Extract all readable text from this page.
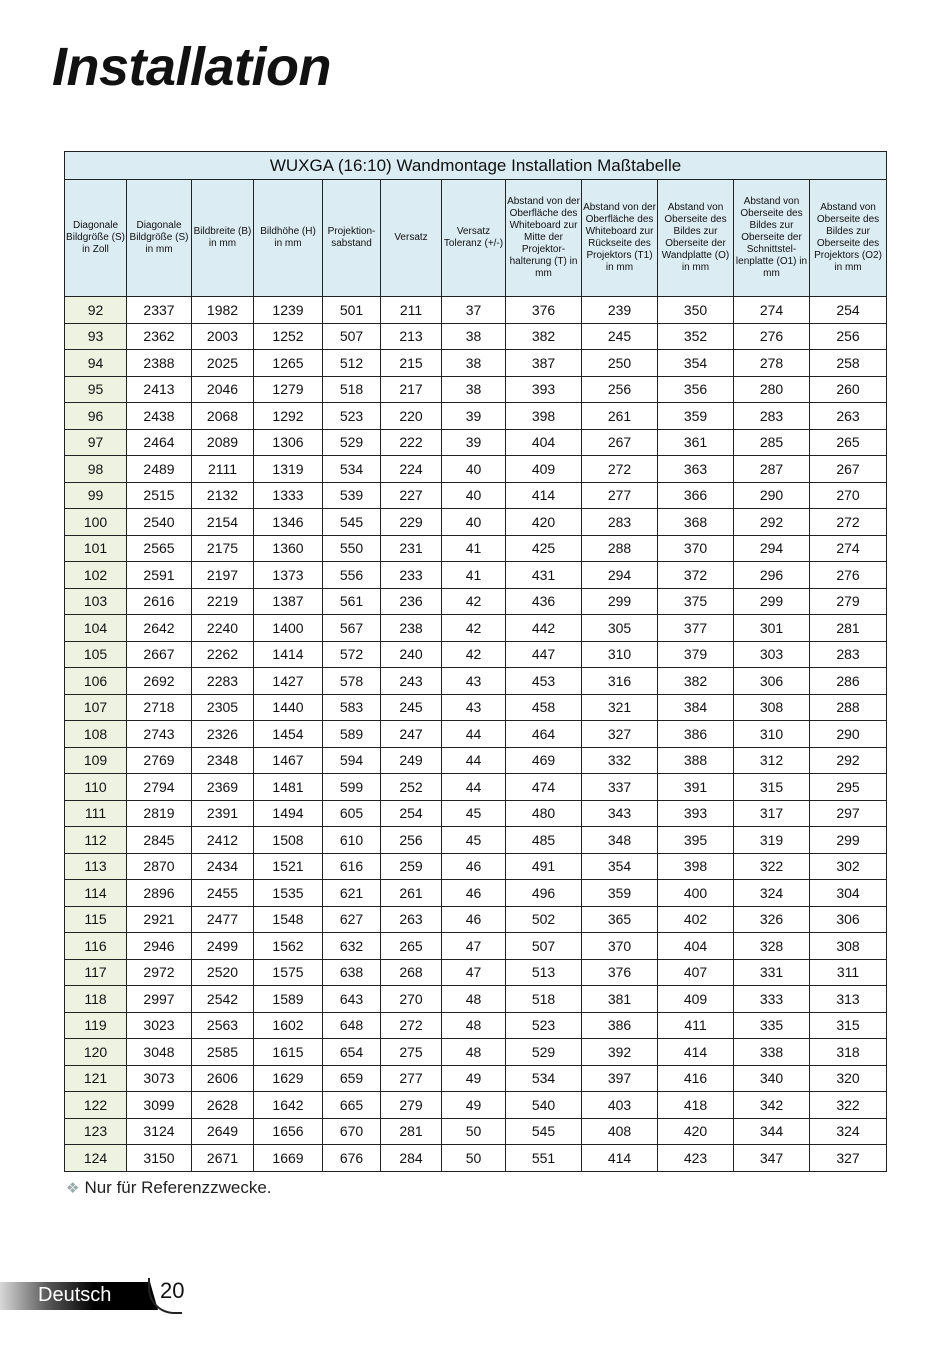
Installation
WUXGA (16:10) Wandmontage Installation Maßtabelle											
Diagonale Bildgröße (S) in Zoll	Diagonale Bildgröße (S) in mm	Bildbreite (B) in mm	Bildhöhe (H) in mm	Projektion-sabstand	Versatz	Versatz Toleranz (+/-)	Abstand von der Oberfläche des Whiteboard zur Mitte der Projektor-halterung (T) in mm	Abstand von der Oberfläche des Whiteboard zur Rückseite des Projektors (T1) in mm	Abstand von Oberseite des Bildes zur Oberseite der Wandplatte (O) in mm	Abstand von Oberseite des Bildes zur Oberseite der Schnittstel-lenplatte (O1) in mm	Abstand von Oberseite des Bildes zur Oberseite des Projektors (O2) in mm
92	2337	1982	1239	501	211	37	376	239	350	274	254
93	2362	2003	1252	507	213	38	382	245	352	276	256
94	2388	2025	1265	512	215	38	387	250	354	278	258
95	2413	2046	1279	518	217	38	393	256	356	280	260
96	2438	2068	1292	523	220	39	398	261	359	283	263
97	2464	2089	1306	529	222	39	404	267	361	285	265
98	2489	2111	1319	534	224	40	409	272	363	287	267
99	2515	2132	1333	539	227	40	414	277	366	290	270
100	2540	2154	1346	545	229	40	420	283	368	292	272
101	2565	2175	1360	550	231	41	425	288	370	294	274
102	2591	2197	1373	556	233	41	431	294	372	296	276
103	2616	2219	1387	561	236	42	436	299	375	299	279
104	2642	2240	1400	567	238	42	442	305	377	301	281
105	2667	2262	1414	572	240	42	447	310	379	303	283
106	2692	2283	1427	578	243	43	453	316	382	306	286
107	2718	2305	1440	583	245	43	458	321	384	308	288
108	2743	2326	1454	589	247	44	464	327	386	310	290
109	2769	2348	1467	594	249	44	469	332	388	312	292
110	2794	2369	1481	599	252	44	474	337	391	315	295
111	2819	2391	1494	605	254	45	480	343	393	317	297
112	2845	2412	1508	610	256	45	485	348	395	319	299
113	2870	2434	1521	616	259	46	491	354	398	322	302
114	2896	2455	1535	621	261	46	496	359	400	324	304
115	2921	2477	1548	627	263	46	502	365	402	326	306
116	2946	2499	1562	632	265	47	507	370	404	328	308
117	2972	2520	1575	638	268	47	513	376	407	331	311
118	2997	2542	1589	643	270	48	518	381	409	333	313
119	3023	2563	1602	648	272	48	523	386	411	335	315
120	3048	2585	1615	654	275	48	529	392	414	338	318
121	3073	2606	1629	659	277	49	534	397	416	340	320
122	3099	2628	1642	665	279	49	540	403	418	342	322
123	3124	2649	1656	670	281	50	545	408	420	344	324
124	3150	2671	1669	676	284	50	551	414	423	347	327
❖ Nur für Referenzzwecke.
Deutsch 20
